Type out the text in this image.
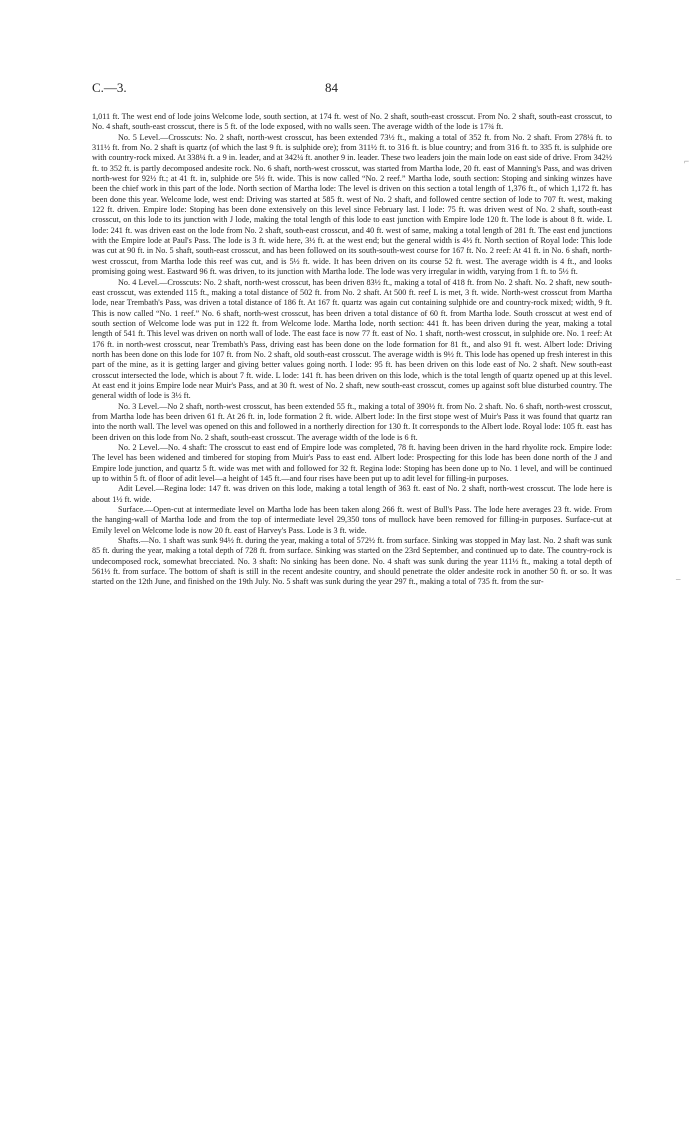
C.—3.	84

1,011 ft. The west end of lode joins Welcome lode, south section, at 174 ft. west of No. 2 shaft, south-east crosscut. From No. 2 shaft, south-east crosscut, to No. 4 shaft, south-east crosscut, there is 5 ft. of the lode exposed, with no walls seen. The average width of the lode is 17¾ ft.

No. 5 Level.—Crosscuts: No. 2 shaft, north-west crosscut, has been extended 73½ ft., making a total of 352 ft. from No. 2 shaft. From 278¼ ft. to 311½ ft. from No. 2 shaft is quartz (of which the last 9 ft. is sulphide ore); from 311½ ft. to 316 ft. is blue country; and from 316 ft. to 335 ft. is sulphide ore with country-rock mixed. At 338¼ ft. a 9 in. leader, and at 342¼ ft. another 9 in. leader. These two leaders join the main lode on east side of drive. From 342½ ft. to 352 ft. is partly decomposed andesite rock. No. 6 shaft, north-west crosscut, was started from Martha lode, 20 ft. east of Manning's Pass, and was driven north-west for 92½ ft.; at 41 ft. in, sulphide ore 5½ ft. wide. This is now called “No. 2 reef.” Martha lode, south section: Stoping and sinking winzes have been the chief work in this part of the lode. North section of Martha lode: The level is driven on this section a total length of 1,376 ft., of which 1,172 ft. has been done this year. Welcome lode, west end: Driving was started at 585 ft. west of No. 2 shaft, and followed centre section of lode to 707 ft. west, making 122 ft. driven. Empire lode: Stoping has been done extensively on this level since February last. I lode: 75 ft. was driven west of No. 2 shaft, south-east crosscut, on this lode to its junction with J lode, making the total length of this lode to east junction with Empire lode 120 ft. The lode is about 8 ft. wide. L lode: 241 ft. was driven east on the lode from No. 2 shaft, south-east crosscut, and 40 ft. west of same, making a total length of 281 ft. The east end junctions with the Empire lode at Paul's Pass. The lode is 3 ft. wide here, 3½ ft. at the west end; but the general width is 4½ ft. North section of Royal lode: This lode was cut at 90 ft. in No. 5 shaft, south-east crosscut, and has been followed on its south-south-west course for 167 ft. No. 2 reef: At 41 ft. in No. 6 shaft, north-west crosscut, from Martha lode this reef was cut, and is 5½ ft. wide. It has been driven on its course 52 ft. west. The average width is 4 ft., and looks promising going west. Eastward 96 ft. was driven, to its junction with Martha lode. The lode was very irregular in width, varying from 1 ft. to 5½ ft.

No. 4 Level.—Crosscuts: No. 2 shaft, north-west crosscut, has been driven 83½ ft., making a total of 418 ft. from No. 2 shaft. No. 2 shaft, new south-east crosscut, was extended 115 ft., making a total distance of 502 ft. from No. 2 shaft. At 500 ft. reef L is met, 3 ft. wide. North-west crosscut from Martha lode, near Trembath's Pass, was driven a total distance of 186 ft. At 167 ft. quartz was again cut containing sulphide ore and country-rock mixed; width, 9 ft. This is now called “No. 1 reef.” No. 6 shaft, north-west crosscut, has been driven a total distance of 60 ft. from Martha lode. South crosscut at west end of south section of Welcome lode was put in 122 ft. from Welcome lode. Martha lode, north section: 441 ft. has been driven during the year, making a total length of 541 ft. This level was driven on north wall of lode. The east face is now 77 ft. east of No. 1 shaft, north-west crosscut, in sulphide ore. No. 1 reef: At 176 ft. in north-west crosscut, near Trembath's Pass, driving east has been done on the lode formation for 81 ft., and also 91 ft. west. Albert lode: Driving north has been done on this lode for 107 ft. from No. 2 shaft, old south-east crosscut. The average width is 9½ ft. This lode has opened up fresh interest in this part of the mine, as it is getting larger and giving better values going north. I lode: 95 ft. has been driven on this lode east of No. 2 shaft. New south-east crosscut intersected the lode, which is about 7 ft. wide. L lode: 141 ft. has been driven on this lode, which is the total length of quartz opened up at this level. At east end it joins Empire lode near Muir's Pass, and at 30 ft. west of No. 2 shaft, new south-east crosscut, comes up against soft blue disturbed country. The general width of lode is 3½ ft.

No. 3 Level.—No 2 shaft, north-west crosscut, has been extended 55 ft., making a total of 390½ ft. from No. 2 shaft. No. 6 shaft, north-west crosscut, from Martha lode has been driven 61 ft. At 26 ft. in, lode formation 2 ft. wide. Albert lode: In the first stope west of Muir's Pass it was found that quartz ran into the north wall. The level was opened on this and followed in a northerly direction for 130 ft. It corresponds to the Albert lode. Royal lode: 105 ft. east has been driven on this lode from No. 2 shaft, south-east crosscut. The average width of the lode is 6 ft.

No. 2 Level.—No. 4 shaft: The crosscut to east end of Empire lode was completed, 78 ft. having been driven in the hard rhyolite rock. Empire lode: The level has been widened and timbered for stoping from Muir's Pass to east end. Albert lode: Prospecting for this lode has been done north of the J and Empire lode junction, and quartz 5 ft. wide was met with and followed for 32 ft. Regina lode: Stoping has been done up to No. 1 level, and will be continued up to within 5 ft. of floor of adit level—a height of 145 ft.—and four rises have been put up to adit level for filling-in purposes.

Adit Level.—Regina lode: 147 ft. was driven on this lode, making a total length of 363 ft. east of No. 2 shaft, north-west crosscut. The lode here is about 1½ ft. wide.

Surface.—Open-cut at intermediate level on Martha lode has been taken along 266 ft. west of Bull's Pass. The lode here averages 23 ft. wide. From the hanging-wall of Martha lode and from the top of intermediate level 29,350 tons of mullock have been removed for filling-in purposes. Surface-cut at Emily level on Welcome lode is now 20 ft. east of Harvey's Pass. Lode is 3 ft. wide.

Shafts.—No. 1 shaft was sunk 94½ ft. during the year, making a total of 572½ ft. from surface. Sinking was stopped in May last. No. 2 shaft was sunk 85 ft. during the year, making a total depth of 728 ft. from surface. Sinking was started on the 23rd September, and continued up to date. The country-rock is undecomposed rock, somewhat brecciated. No. 3 shaft: No sinking has been done. No. 4 shaft was sunk during the year 111½ ft., making a total depth of 561½ ft. from surface. The bottom of shaft is still in the recent andesite country, and should penetrate the older andesite rock in another 50 ft. or so. It was started on the 12th June, and finished on the 19th July. No. 5 shaft was sunk during the year 297 ft., making a total of 735 ft. from the sur-

⌐
–
